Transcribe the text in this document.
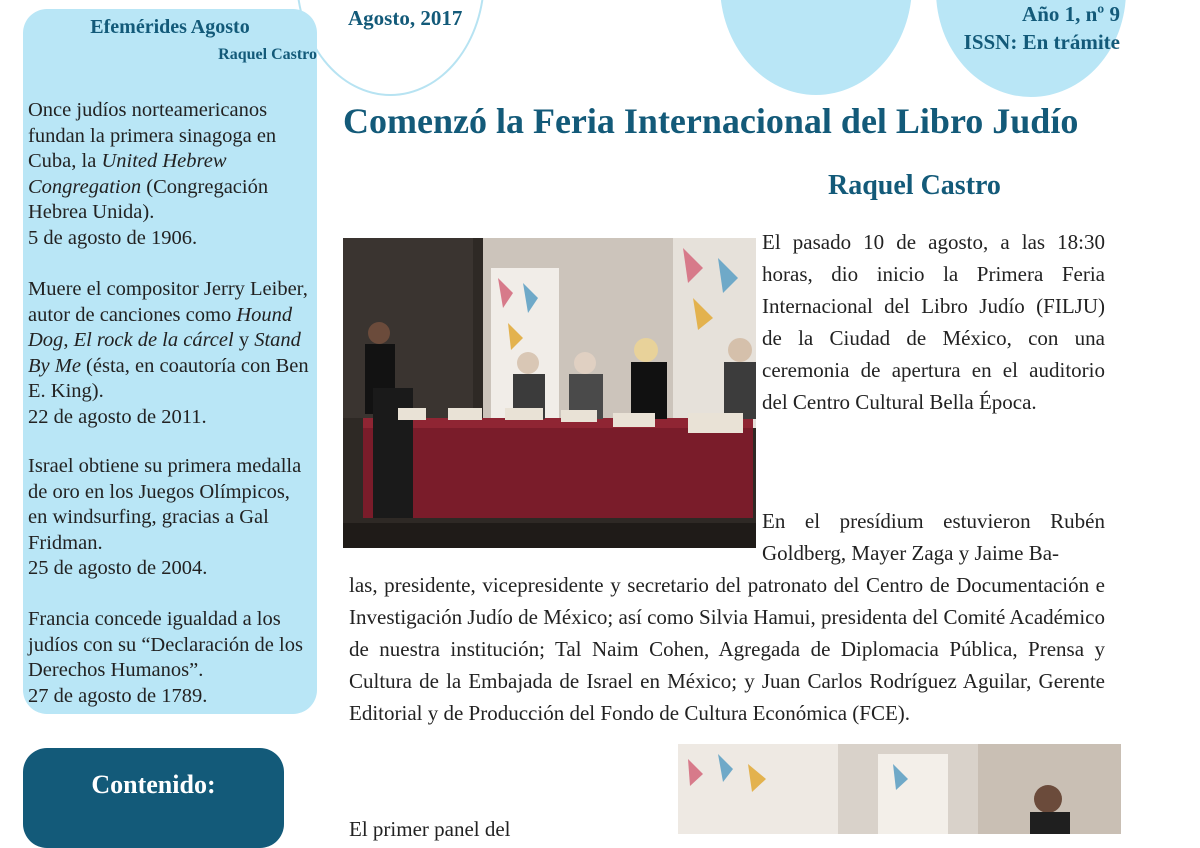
Agosto, 2017	Año 1, nº 9
ISSN: En trámite
Efemérides Agosto
Raquel Castro

Once judíos norteamericanos fundan la primera sinagoga en Cuba, la United Hebrew Congregation (Congregación Hebrea Unida).

5 de agosto de 1906.

Muere el compositor Jerry Leiber, autor de canciones como Hound Dog, El rock de la cárcel y Stand By Me (ésta, en coautoría con Ben E. King).

22 de agosto de 2011.

Israel obtiene su primera medalla de oro en los Juegos Olímpicos, en windsurfing, gracias a Gal Fridman.

25 de agosto de 2004.

Francia concede igualdad a los judíos con su “Declaración de los Derechos Humanos”.

27 de agosto de 1789.

Contenido:
Comenzó la Feria Internacional del Libro Judío
Raquel Castro
El pasado 10 de agosto, a las 18:30 horas, dio inicio la Primera Feria Internacional del Libro Judío (FILJU) de la Ciudad de México, con una ceremonia de apertura en el auditorio del Centro Cultural Bella Época.
En el presídium estuvieron Rubén Goldberg, Mayer Zaga y Jaime Ba-
las, presidente, vicepresidente y secretario del patronato del Centro de Documentación e Investigación Judío de México; así como Silvia Hamui, presidenta del Comité Académico de nuestra institución; Tal Naim Cohen, Agregada de Diplomacia Pública, Prensa y Cultura de la Embajada de Israel en México; y Juan Carlos Rodríguez Aguilar, Gerente Editorial y de Producción del Fondo de Cultura Económica (FCE).
El primer panel del
